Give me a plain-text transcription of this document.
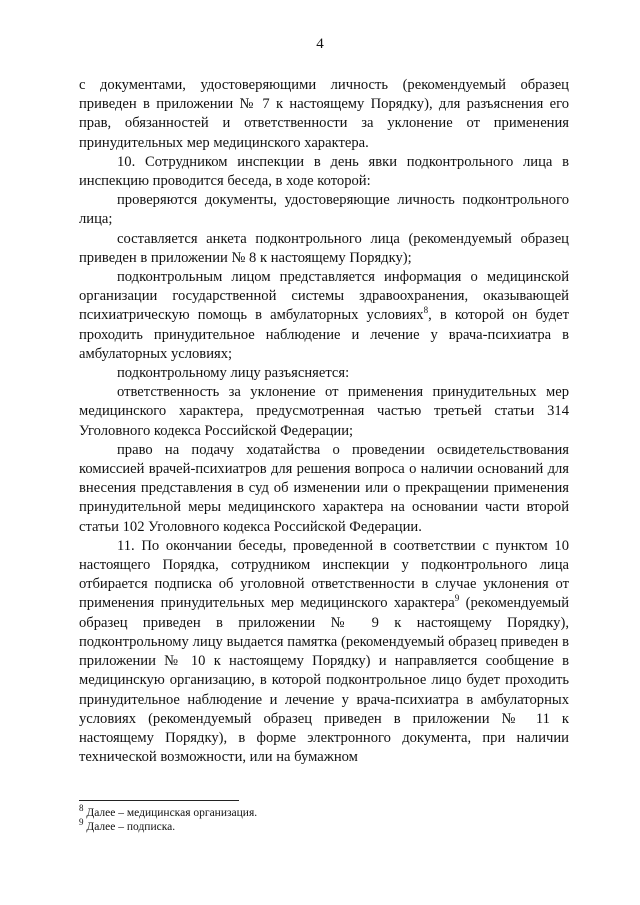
4

с документами, удостоверяющими личность (рекомендуемый образец приведен в приложении № 7 к настоящему Порядку), для разъяснения его прав, обязанностей и ответственности за уклонение от применения принудительных мер медицинского характера.

10. Сотрудником инспекции в день явки подконтрольного лица в инспекцию проводится беседа, в ходе которой:

проверяются документы, удостоверяющие личность подконтрольного лица;

составляется анкета подконтрольного лица (рекомендуемый образец приведен в приложении № 8 к настоящему Порядку);

подконтрольным лицом представляется информация о медицинской организации государственной системы здравоохранения, оказывающей психиатрическую помощь в амбулаторных условиях$^8$, в которой он будет проходить принудительное наблюдение и лечение у врача-психиатра в амбулаторных условиях;

подконтрольному лицу разъясняется:

ответственность за уклонение от применения принудительных мер медицинского характера, предусмотренная частью третьей статьи 314 Уголовного кодекса Российской Федерации;

право на подачу ходатайства о проведении освидетельствования комиссией врачей-психиатров для решения вопроса о наличии оснований для внесения представления в суд об изменении или о прекращении применения принудительной меры медицинского характера на основании части второй статьи 102 Уголовного кодекса Российской Федерации.

11. По окончании беседы, проведенной в соответствии с пунктом 10 настоящего Порядка, сотрудником инспекции у подконтрольного лица отбирается подписка об уголовной ответственности в случае уклонения от применения принудительных мер медицинского характера$^9$ (рекомендуемый образец приведен в приложении № 9 к настоящему Порядку), подконтрольному лицу выдается памятка (рекомендуемый образец приведен в приложении № 10 к настоящему Порядку) и направляется сообщение в медицинскую организацию, в которой подконтрольное лицо будет проходить принудительное наблюдение и лечение у врача-психиатра в амбулаторных условиях (рекомендуемый образец приведен в приложении № 11 к настоящему Порядку), в форме электронного документа, при наличии технической возможности, или на бумажном

$^8$ Далее – медицинская организация.

$^9$ Далее – подписка.
